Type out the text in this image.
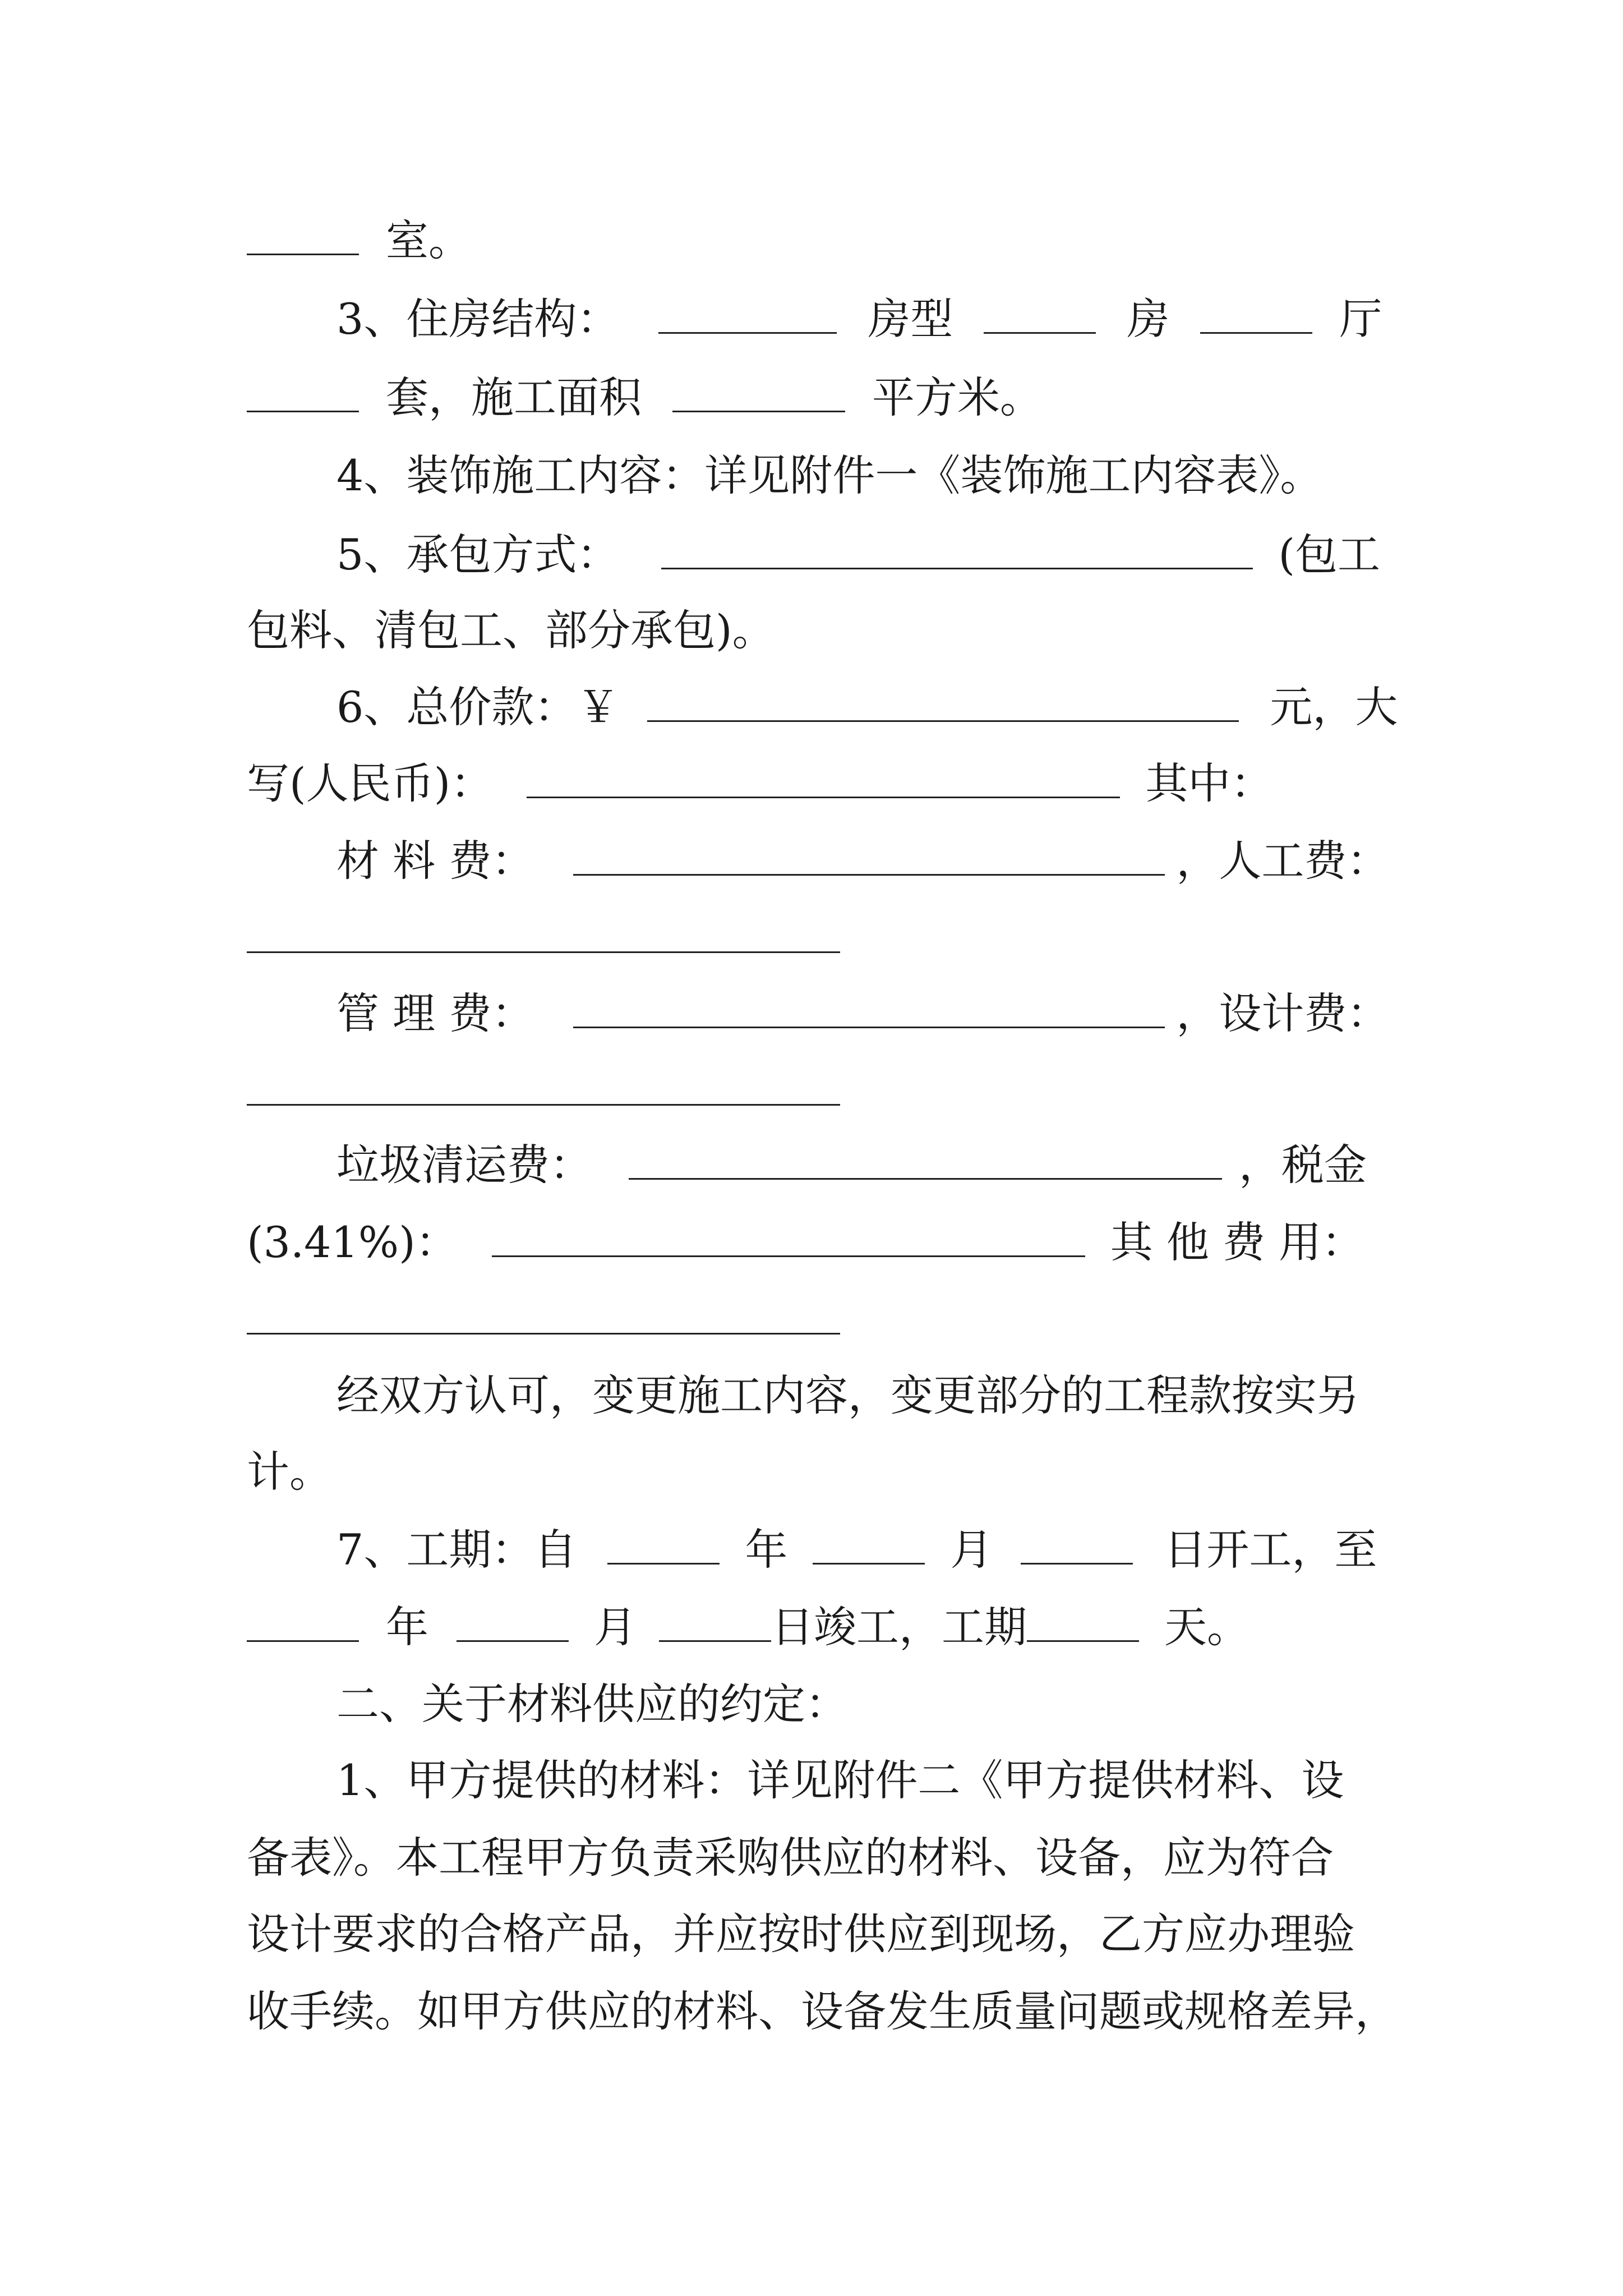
室。
3、住房结构：	房型	房	厅
套，施工面积	平方米。
4、装饰施工内容：详见附件一《装饰施工内容表》。
5、承包方式：	(包工
包料、清包工、部分承包)。
6、总价款：￥	元，大
写(人民币)：	其中：
材 料 费：	，人工费：
管 理 费：	，设计费：
垃圾清运费：	，税金
(3.41%)：	其 他 费 用：
经双方认可，变更施工内容，变更部分的工程款按实另
计。
7、工期：自	年	月	日开工，至
年	月	日竣工，工期	天。
二、关于材料供应的约定：
1、甲方提供的材料：详见附件二《甲方提供材料、设
备表》。本工程甲方负责采购供应的材料、设备，应为符合
设计要求的合格产品，并应按时供应到现场，乙方应办理验
收手续。如甲方供应的材料、设备发生质量问题或规格差异，
